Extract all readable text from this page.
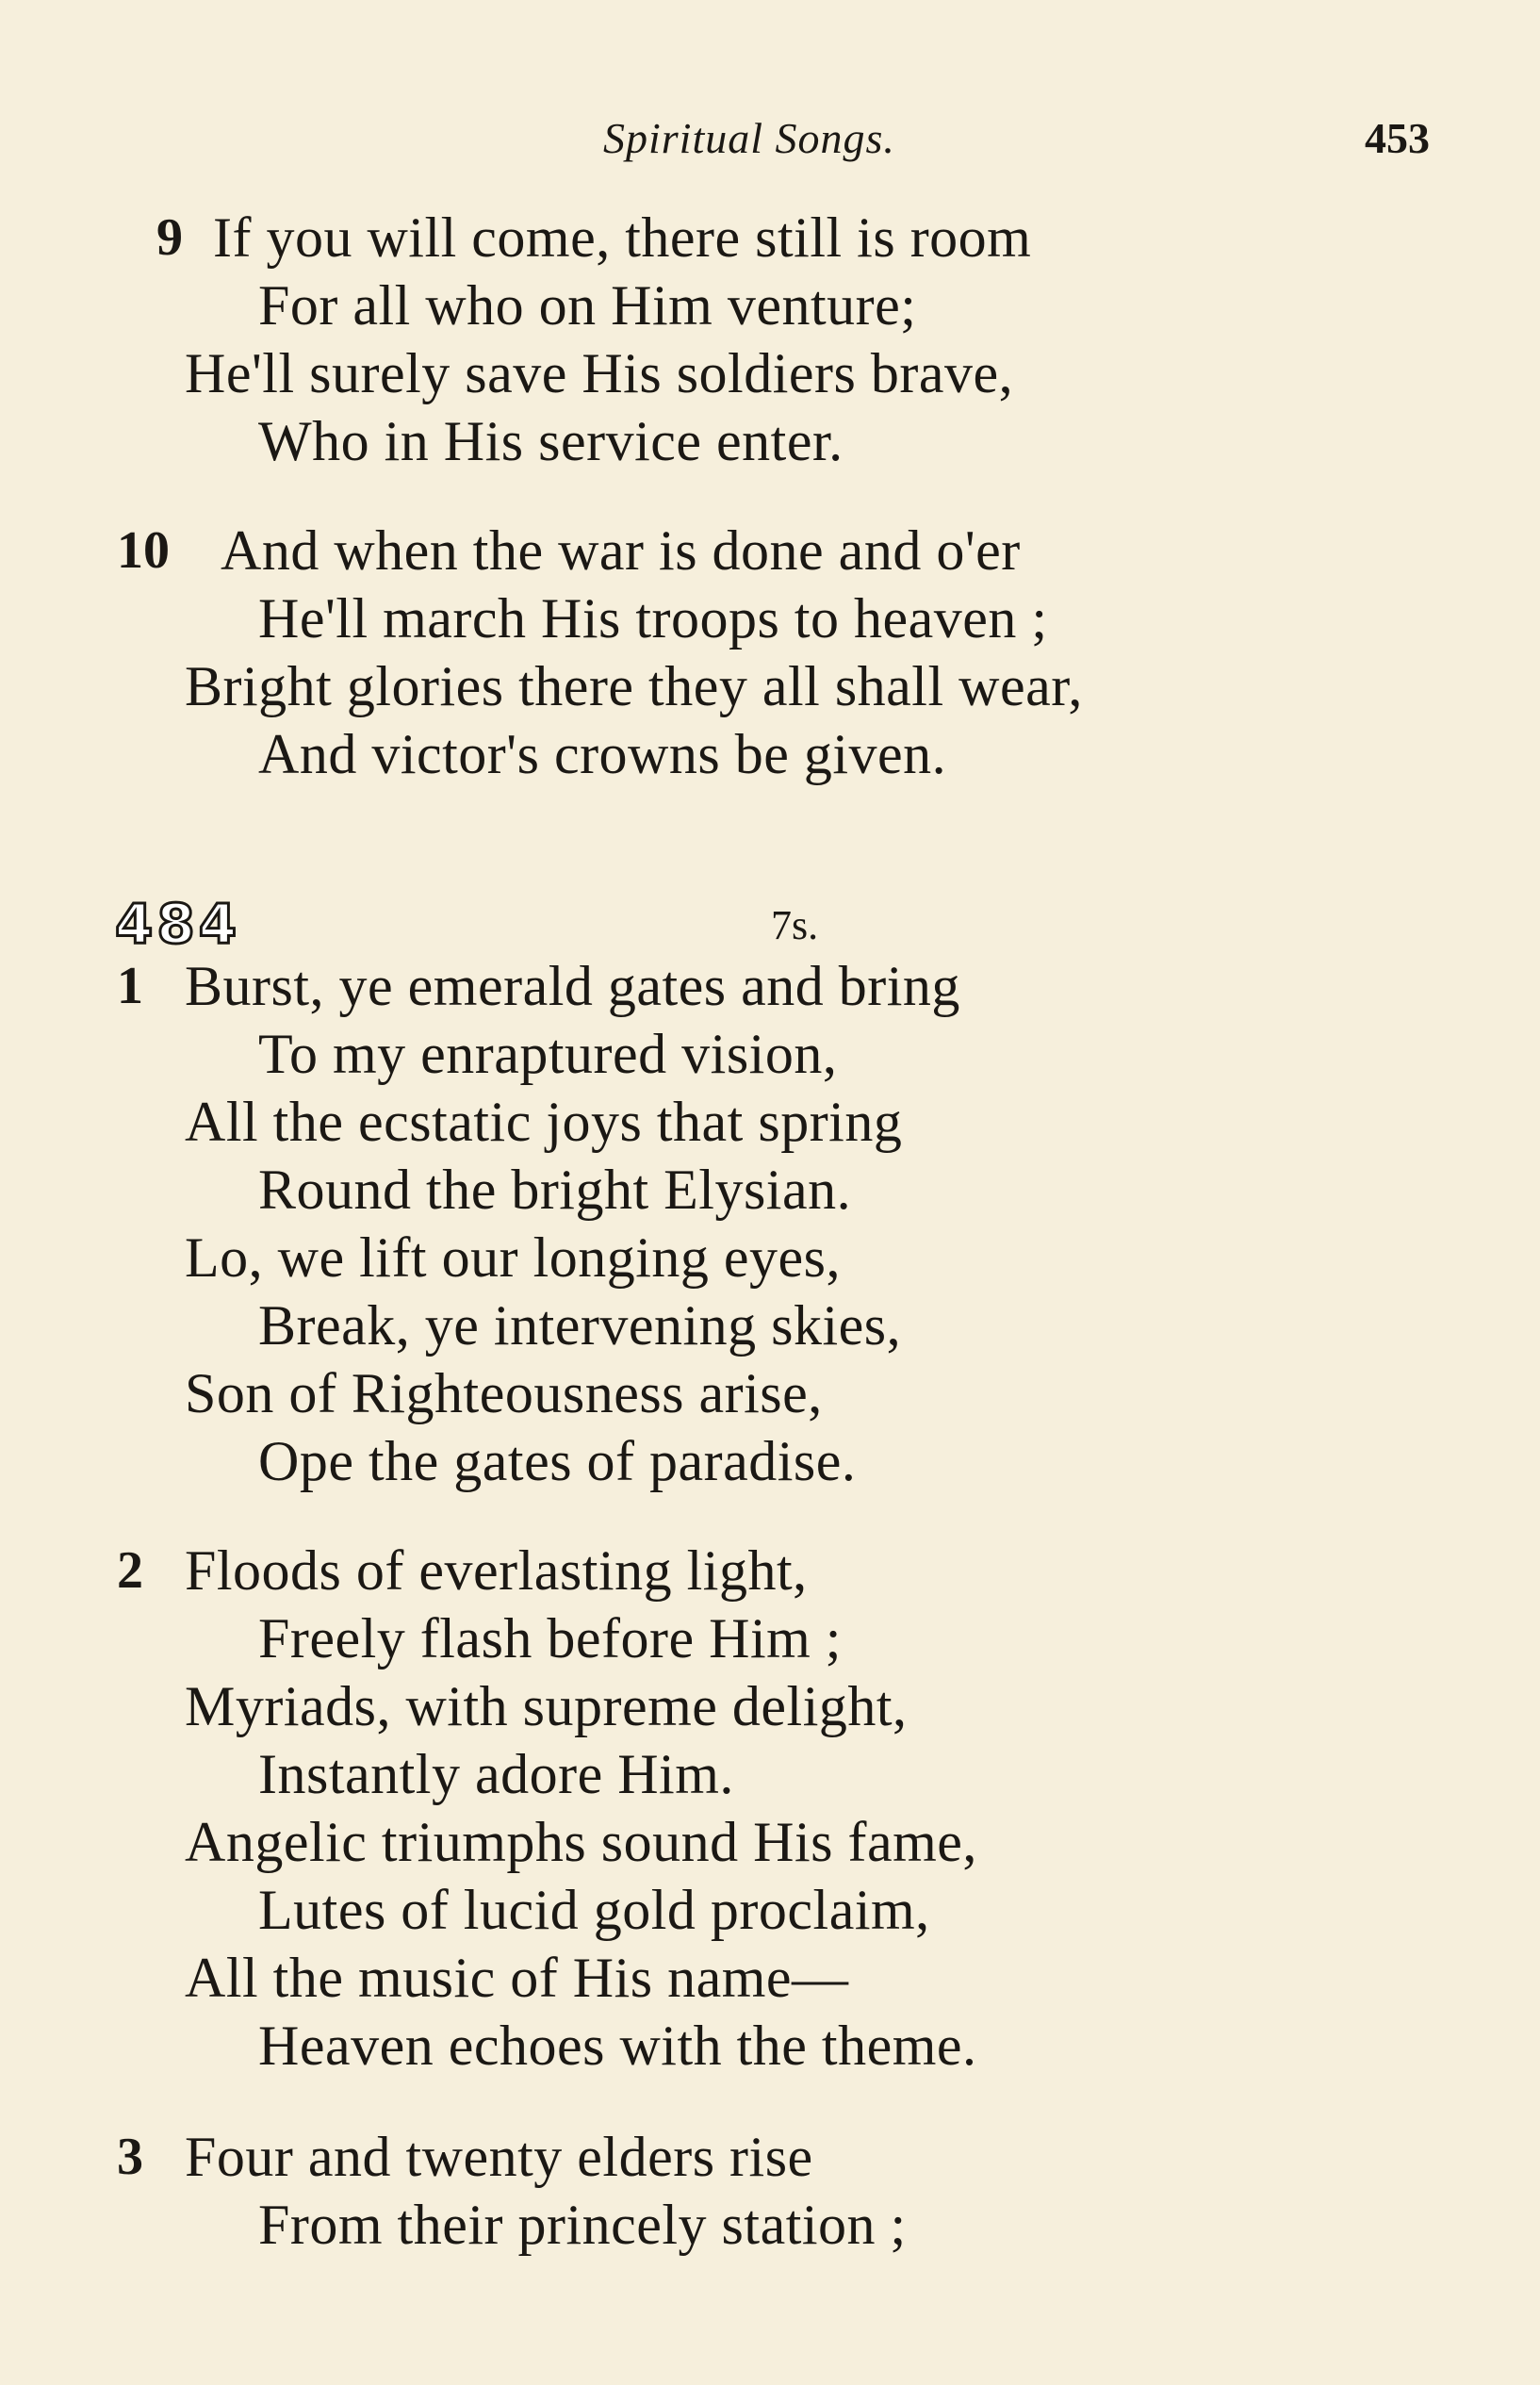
Spiritual Songs.	453
9 If you will come, there still is room
For all who on Him venture;
He'll surely save His soldiers brave,
Who in His service enter.
10 And when the war is done and o'er
He'll march His troops to heaven ;
Bright glories there they all shall wear,
And victor's crowns be given.
484	7s.
1 Burst, ye emerald gates and bring
To my enraptured vision,
All the ecstatic joys that spring
Round the bright Elysian.
Lo, we lift our longing eyes,
Break, ye intervening skies,
Son of Righteousness arise,
Ope the gates of paradise.
2 Floods of everlasting light,
Freely flash before Him ;
Myriads, with supreme delight,
Instantly adore Him.
Angelic triumphs sound His fame,
Lutes of lucid gold proclaim,
All the music of His name—
Heaven echoes with the theme.
3 Four and twenty elders rise
From their princely station ;
